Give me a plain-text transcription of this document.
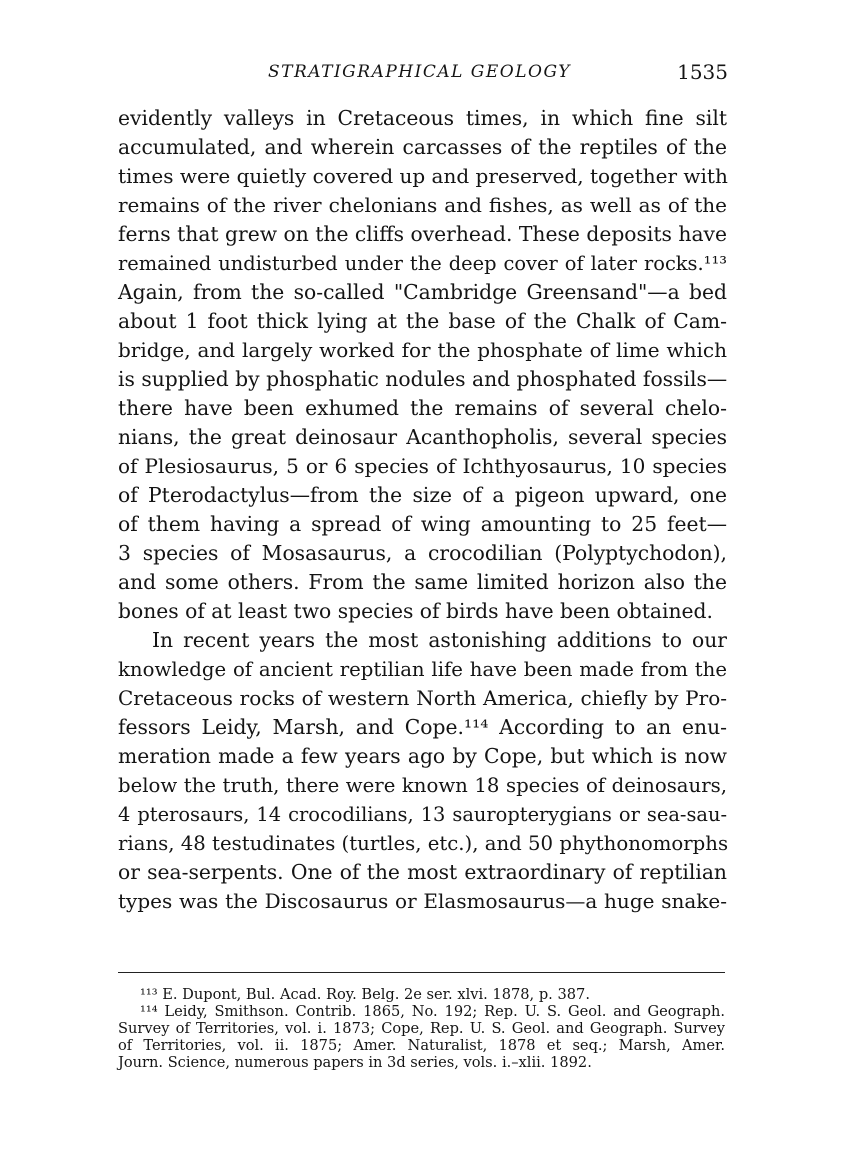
STRATIGRAPHICAL GEOLOGY	1535
evidently valleys in Cretaceous times, in which fine silt
accumulated, and wherein carcasses of the reptiles of the
times were quietly covered up and preserved, together with
remains of the river chelonians and fishes, as well as of the
ferns that grew on the cliffs overhead. These deposits have
remained undisturbed under the deep cover of later rocks.¹¹³
Again, from the so-called "Cambridge Greensand"—a bed
about 1 foot thick lying at the base of the Chalk of Cam-
bridge, and largely worked for the phosphate of lime which
is supplied by phosphatic nodules and phosphated fossils—
there have been exhumed the remains of several chelo-
nians, the great deinosaur Acanthopholis, several species
of Plesiosaurus, 5 or 6 species of Ichthyosaurus, 10 species
of Pterodactylus—from the size of a pigeon upward, one
of them having a spread of wing amounting to 25 feet—
3 species of Mosasaurus, a crocodilian (Polyptychodon),
and some others. From the same limited horizon also the
bones of at least two species of birds have been obtained.
In recent years the most astonishing additions to our
knowledge of ancient reptilian life have been made from the
Cretaceous rocks of western North America, chiefly by Pro-
fessors Leidy, Marsh, and Cope.¹¹⁴ According to an enu-
meration made a few years ago by Cope, but which is now
below the truth, there were known 18 species of deinosaurs,
4 pterosaurs, 14 crocodilians, 13 sauropterygians or sea-sau-
rians, 48 testudinates (turtles, etc.), and 50 phythonomorphs
or sea-serpents. One of the most extraordinary of reptilian
types was the Discosaurus or Elasmosaurus—a huge snake-
¹¹³ E. Dupont, Bul. Acad. Roy. Belg. 2e ser. xlvi. 1878, p. 387.
¹¹⁴ Leidy, Smithson. Contrib. 1865, No. 192; Rep. U. S. Geol. and Geograph.
Survey of Territories, vol. i. 1873; Cope, Rep. U. S. Geol. and Geograph. Survey
of Territories, vol. ii. 1875; Amer. Naturalist, 1878 et seq.; Marsh, Amer.
Journ. Science, numerous papers in 3d series, vols. i.–xlii. 1892.
